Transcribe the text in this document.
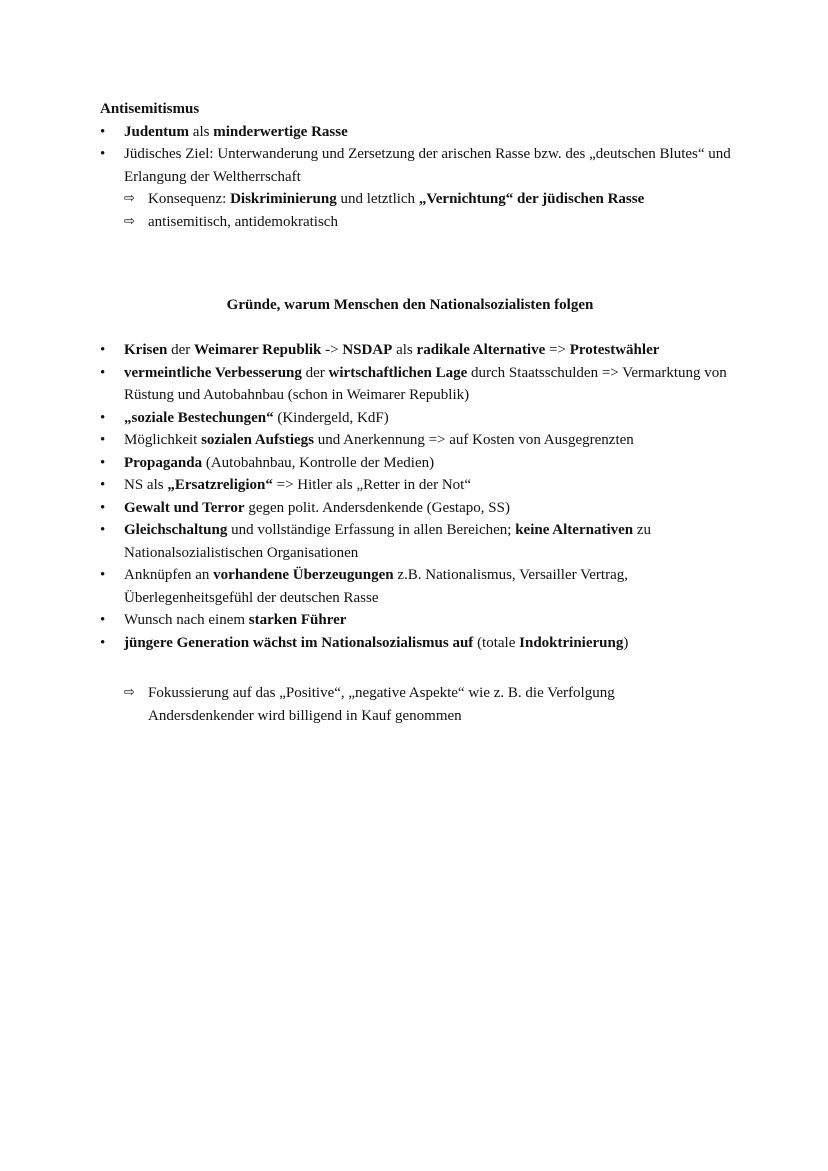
Antisemitismus
• Judentum als minderwertige Rasse
• Jüdisches Ziel: Unterwanderung und Zersetzung der arischen Rasse bzw. des „deutschen Blutes“ und Erlangung der Weltherrschaft
⇨ Konsequenz: Diskriminierung und letztlich „Vernichtung“ der jüdischen Rasse
⇨ antisemitisch, antidemokratisch
Gründe, warum Menschen den Nationalsozialisten folgen
• Krisen der Weimarer Republik -> NSDAP als radikale Alternative => Protestwähler
• vermeintliche Verbesserung der wirtschaftlichen Lage durch Staatsschulden => Vermarktung von Rüstung und Autobahnbau (schon in Weimarer Republik)
• „soziale Bestechungen“ (Kindergeld, KdF)
• Möglichkeit sozialen Aufstiegs und Anerkennung => auf Kosten von Ausgegrenzten
• Propaganda (Autobahnbau, Kontrolle der Medien)
• NS als „Ersatzreligion“ => Hitler als „Retter in der Not“
• Gewalt und Terror gegen polit. Andersdenkende (Gestapo, SS)
• Gleichschaltung und vollständige Erfassung in allen Bereichen; keine Alternativen zu Nationalsozialistischen Organisationen
• Anknüpfen an vorhandene Überzeugungen z.B. Nationalismus, Versailler Vertrag, Überlegenheitsgefühl der deutschen Rasse
• Wunsch nach einem starken Führer
• jüngere Generation wächst im Nationalsozialismus auf (totale Indoktrinierung)
⇨ Fokussierung auf das „Positive“, „negative Aspekte“ wie z. B. die Verfolgung Andersdenkender wird billigend in Kauf genommen
